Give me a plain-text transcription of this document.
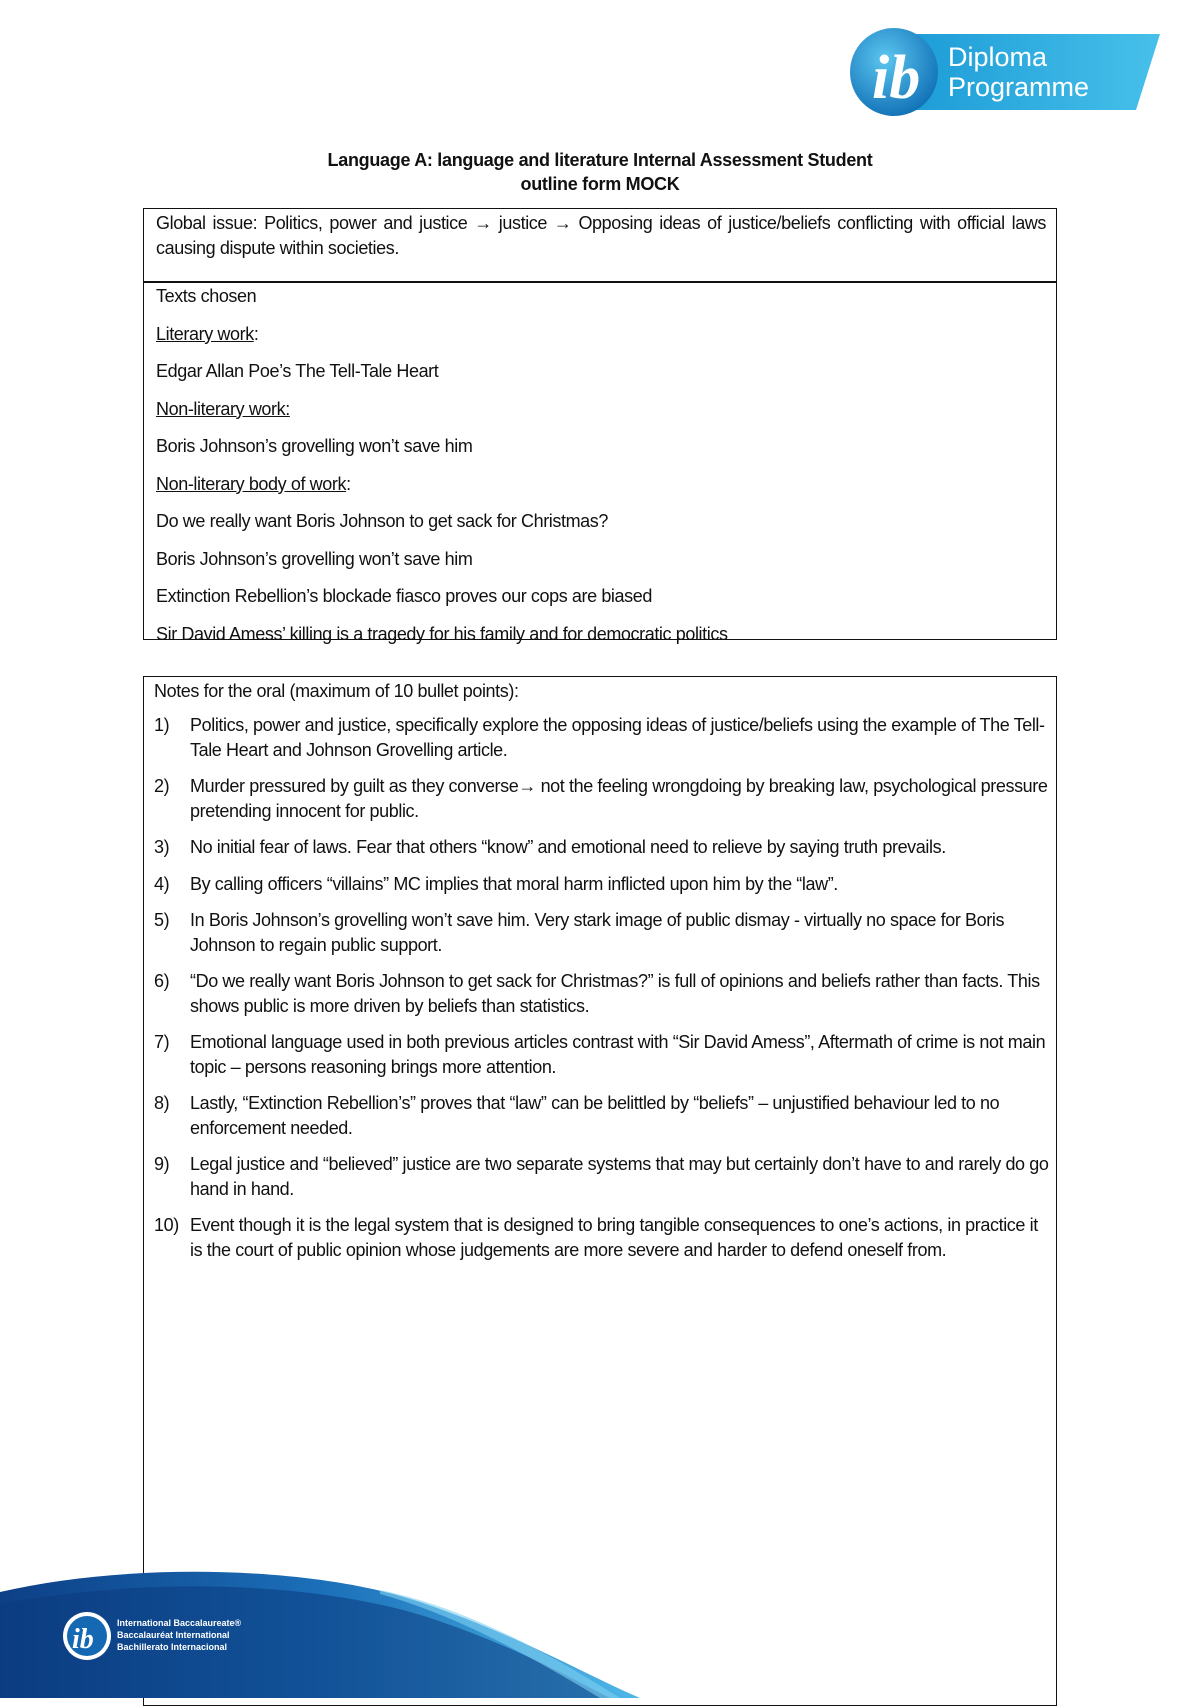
ib Diploma
Programme
Language A: language and literature Internal Assessment Student
outline form MOCK
Global issue: Politics, power and justice → justice → Opposing ideas of justice/beliefs conflicting with official laws causing dispute within societies.
Texts chosen
Literary work:
Edgar Allan Poe’s The Tell-Tale Heart
Non-literary work:
Boris Johnson’s grovelling won’t save him
Non-literary body of work:
Do we really want Boris Johnson to get sack for Christmas?
Boris Johnson’s grovelling won’t save him
Extinction Rebellion’s blockade fiasco proves our cops are biased
Sir David Amess’ killing is a tragedy for his family and for democratic politics
Notes for the oral (maximum of 10 bullet points):
1)	Politics, power and justice, specifically explore the opposing ideas of justice/beliefs using the example of The Tell-Tale Heart and Johnson Grovelling article.
2)	Murder pressured by guilt as they converse→ not the feeling wrongdoing by breaking law, psychological pressure pretending innocent for public.
3)	No initial fear of laws. Fear that others “know” and emotional need to relieve by saying truth prevails.
4)	By calling officers “villains” MC implies that moral harm inflicted upon him by the “law”.
5)	In Boris Johnson’s grovelling won’t save him. Very stark image of public dismay - virtually no space for Boris Johnson to regain public support.
6)	“Do we really want Boris Johnson to get sack for Christmas?” is full of opinions and beliefs rather than facts. This shows public is more driven by beliefs than statistics.
7)	Emotional language used in both previous articles contrast with “Sir David Amess”, Aftermath of crime is not main topic – persons reasoning brings more attention.
8)	Lastly, “Extinction Rebellion’s” proves that “law” can be belittled by “beliefs” – unjustified behaviour led to no enforcement needed.
9)	Legal justice and “believed” justice are two separate systems that may but certainly don’t have to and rarely do go hand in hand.
10) Event though it is the legal system that is designed to bring tangible consequences to one’s actions, in practice it is the court of public opinion whose judgements are more severe and harder to defend oneself from.
ib
International Baccalaureate®
Baccalauréat International
Bachillerato Internacional
